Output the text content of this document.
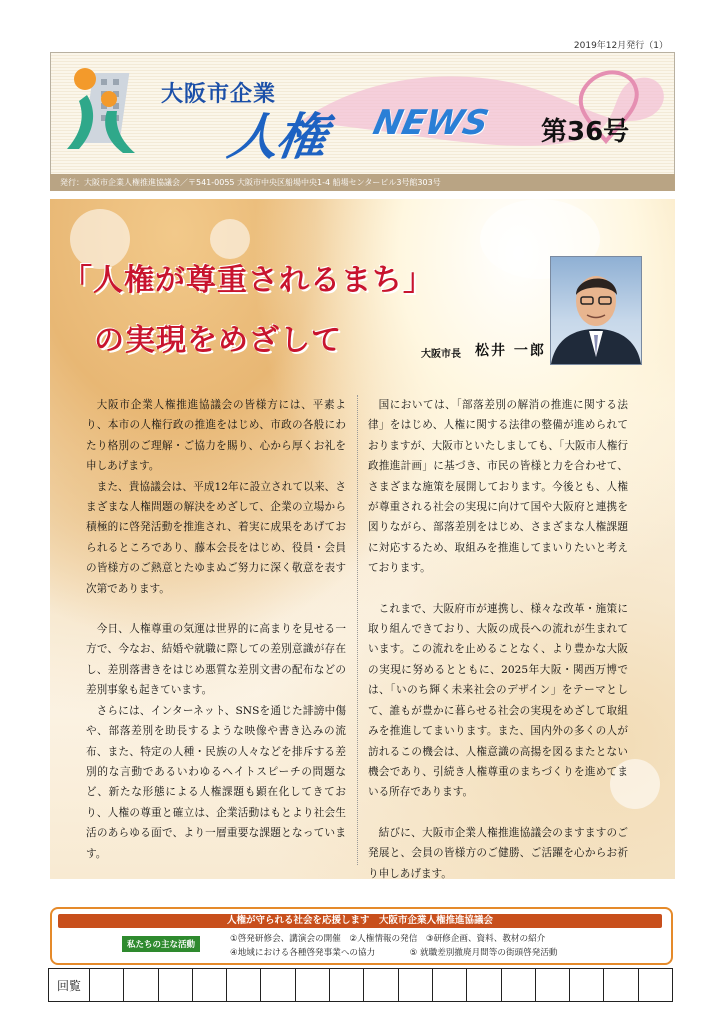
2019年12月発行（1）
大阪市企業
人権 NEWS 第36号
発行：大阪市企業人権推進協議会／〒541-0055 大阪市中央区船場中央1-4 船場センタービル3号館303号
「人権が尊重されるまち」
の実現をめざして	大阪市長 松井 一郎

大阪市企業人権推進協議会の皆様方には、平素より、本市の人権行政の推進をはじめ、市政の各般にわたり格別のご理解・ご協力を賜り、心から厚くお礼を申しあげます。

また、貴協議会は、平成12年に設立されて以来、さまざまな人権問題の解決をめざして、企業の立場から積極的に啓発活動を推進され、着実に成果をあげておられるところであり、藤本会長をはじめ、役員・会員の皆様方のご熱意とたゆまぬご努力に深く敬意を表す次第であります。

今日、人権尊重の気運は世界的に高まりを見せる一方で、今なお、結婚や就職に際しての差別意識が存在し、差別落書きをはじめ悪質な差別文書の配布などの差別事象も起きています。

さらには、インターネット、SNSを通じた誹謗中傷や、部落差別を助長するような映像や書き込みの流布、また、特定の人種・民族の人々などを排斥する差別的な言動であるいわゆるヘイトスピーチの問題など、新たな形態による人権課題も顕在化してきており、人権の尊重と確立は、企業活動はもとより社会生活のあらゆる面で、より一層重要な課題となっています。

国においては、「部落差別の解消の推進に関する法律」をはじめ、人権に関する法律の整備が進められておりますが、大阪市といたしましても、「大阪市人権行政推進計画」に基づき、市民の皆様と力を合わせて、さまざまな施策を展開しております。今後とも、人権が尊重される社会の実現に向けて国や大阪府と連携を図りながら、部落差別をはじめ、さまざまな人権課題に対応するため、取組みを推進してまいりたいと考えております。

これまで、大阪府市が連携し、様々な改革・施策に取り組んできており、大阪の成長への流れが生まれています。この流れを止めることなく、より豊かな大阪の実現に努めるとともに、2025年大阪・関西万博では、「いのち輝く未来社会のデザイン」をテーマとして、誰もが豊かに暮らせる社会の実現をめざして取組みを推進してまいります。また、国内外の多くの人が訪れるこの機会は、人権意識の高揚を図るまたとない機会であり、引続き人権尊重のまちづくりを進めてまいる所存であります。

結びに、大阪市企業人権推進協議会のますますのご発展と、会員の皆様方のご健勝、ご活躍を心からお祈り申しあげます。

人権が守られる社会を応援します　大阪市企業人権推進協議会
私たちの主な活動
①啓発研修会、講演会の開催　②人権情報の発信　③研修企画、資料、教材の紹介
④地域における各種啓発事業への協力　　　　⑤ 就職差別撤廃月間等の街頭啓発活動
回覧
